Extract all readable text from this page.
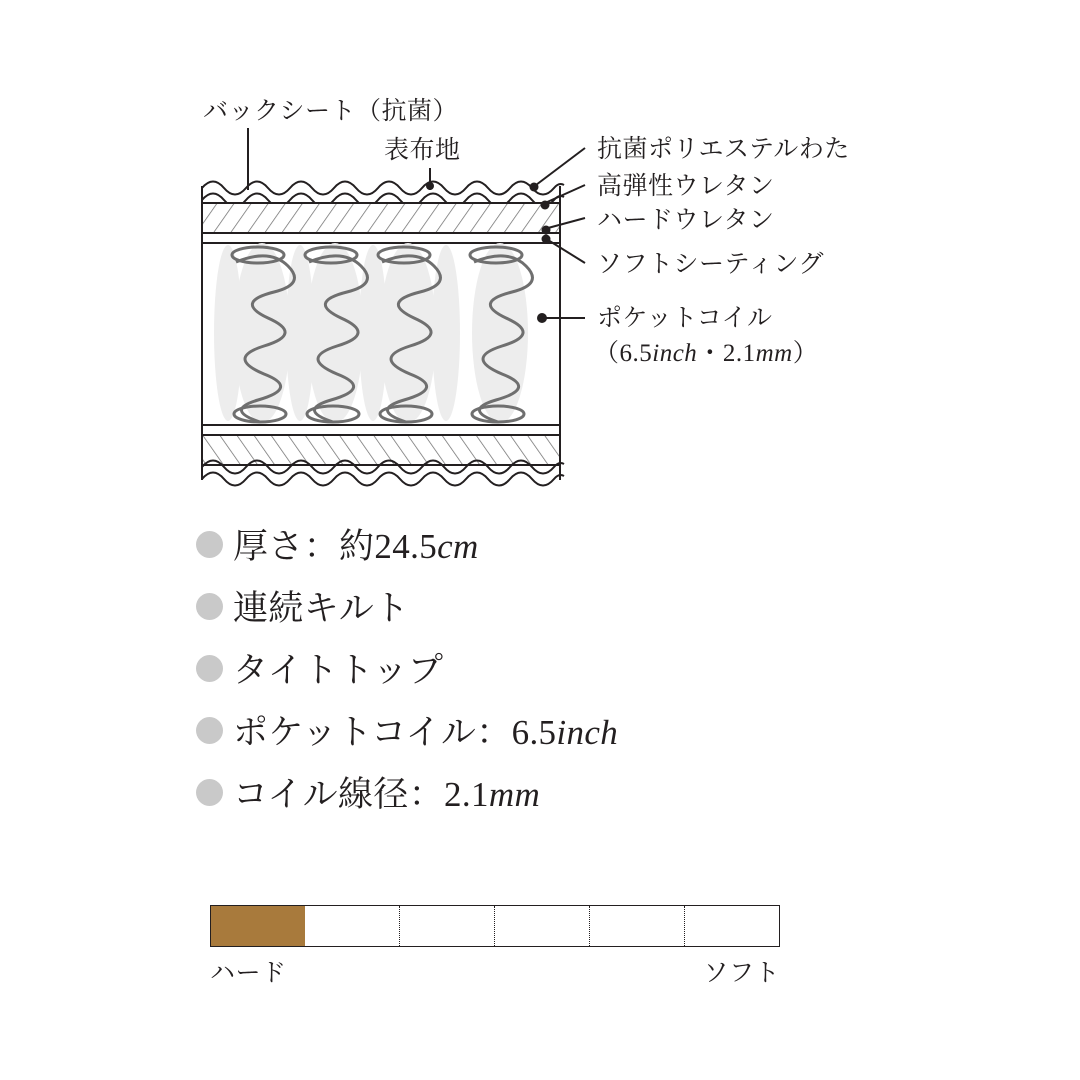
バックシート（抗菌）
表布地	抗菌ポリエステルわた
高弾性ウレタン
ハードウレタン
ソフトシーティング
ポケットコイル
（6.5inch・2.1mm）
厚さ：約24.5cm
連続キルト
タイトトップ
ポケットコイル：6.5inch
コイル線径：2.1mm
ハード	ソフト
